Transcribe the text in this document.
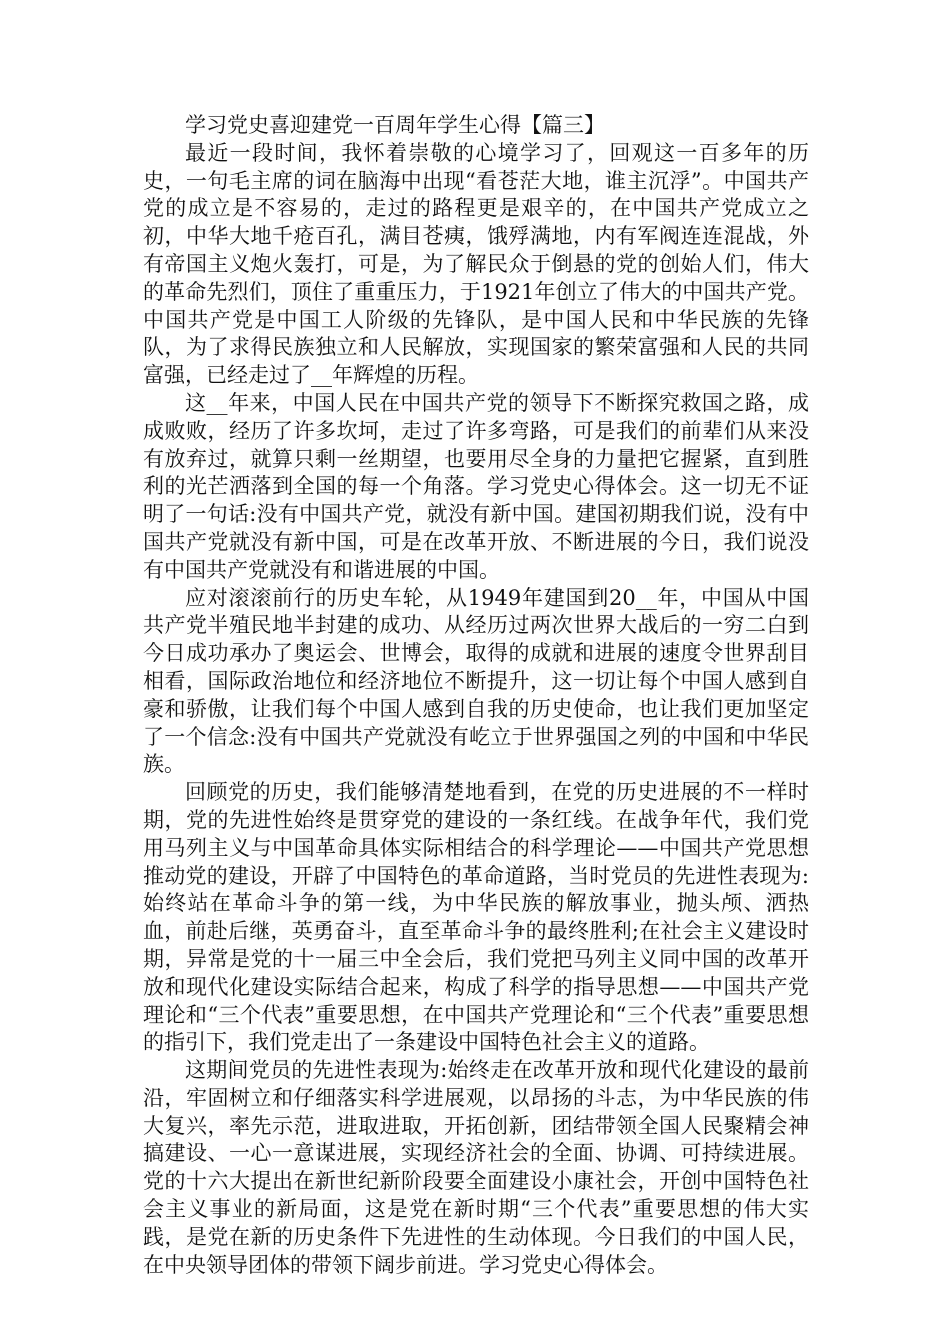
学习党史喜迎建党一百周年学生心得【篇三】

最近一段时间，我怀着崇敬的心境学习了，回观这一百多年的历史，一句毛主席的词在脑海中出现“看苍茫大地，谁主沉浮”。中国共产党的成立是不容易的，走过的路程更是艰辛的，在中国共产党成立之初，中华大地千疮百孔，满目苍痍，饿殍满地，内有军阀连连混战，外有帝国主义炮火轰打，可是，为了解民众于倒悬的党的创始人们，伟大的革命先烈们，顶住了重重压力，于1921年创立了伟大的中国共产党。中国共产党是中国工人阶级的先锋队，是中国人民和中华民族的先锋队，为了求得民族独立和人民解放，实现国家的繁荣富强和人民的共同富强，已经走过了__年辉煌的历程。

这__年来，中国人民在中国共产党的领导下不断探究救国之路，成成败败，经历了许多坎坷，走过了许多弯路，可是我们的前辈们从来没有放弃过，就算只剩一丝期望，也要用尽全身的力量把它握紧，直到胜利的光芒洒落到全国的每一个角落。学习党史心得体会。这一切无不证明了一句话:没有中国共产党，就没有新中国。建国初期我们说，没有中国共产党就没有新中国，可是在改革开放、不断进展的今日，我们说没有中国共产党就没有和谐进展的中国。

应对滚滚前行的历史车轮，从1949年建国到20__年，中国从中国共产党半殖民地半封建的成功、从经历过两次世界大战后的一穷二白到今日成功承办了奥运会、世博会，取得的成就和进展的速度令世界刮目相看，国际政治地位和经济地位不断提升，这一切让每个中国人感到自豪和骄傲，让我们每个中国人感到自我的历史使命，也让我们更加坚定了一个信念:没有中国共产党就没有屹立于世界强国之列的中国和中华民族。

回顾党的历史，我们能够清楚地看到，在党的历史进展的不一样时期，党的先进性始终是贯穿党的建设的一条红线。在战争年代，我们党用马列主义与中国革命具体实际相结合的科学理论——中国共产党思想推动党的建设，开辟了中国特色的革命道路，当时党员的先进性表现为:始终站在革命斗争的第一线，为中华民族的解放事业，抛头颅、洒热血，前赴后继，英勇奋斗，直至革命斗争的最终胜利;在社会主义建设时期，异常是党的十一届三中全会后，我们党把马列主义同中国的改革开放和现代化建设实际结合起来，构成了科学的指导思想——中国共产党理论和“三个代表”重要思想，在中国共产党理论和“三个代表”重要思想的指引下，我们党走出了一条建设中国特色社会主义的道路。

这期间党员的先进性表现为:始终走在改革开放和现代化建设的最前沿，牢固树立和仔细落实科学进展观，以昂扬的斗志，为中华民族的伟大复兴，率先示范，进取进取，开拓创新，团结带领全国人民聚精会神搞建设、一心一意谋进展，实现经济社会的全面、协调、可持续进展。党的十六大提出在新世纪新阶段要全面建设小康社会，开创中国特色社会主义事业的新局面，这是党在新时期“三个代表”重要思想的伟大实践，是党在新的历史条件下先进性的生动体现。今日我们的中国人民，在中央领导团体的带领下阔步前进。学习党史心得体会。
